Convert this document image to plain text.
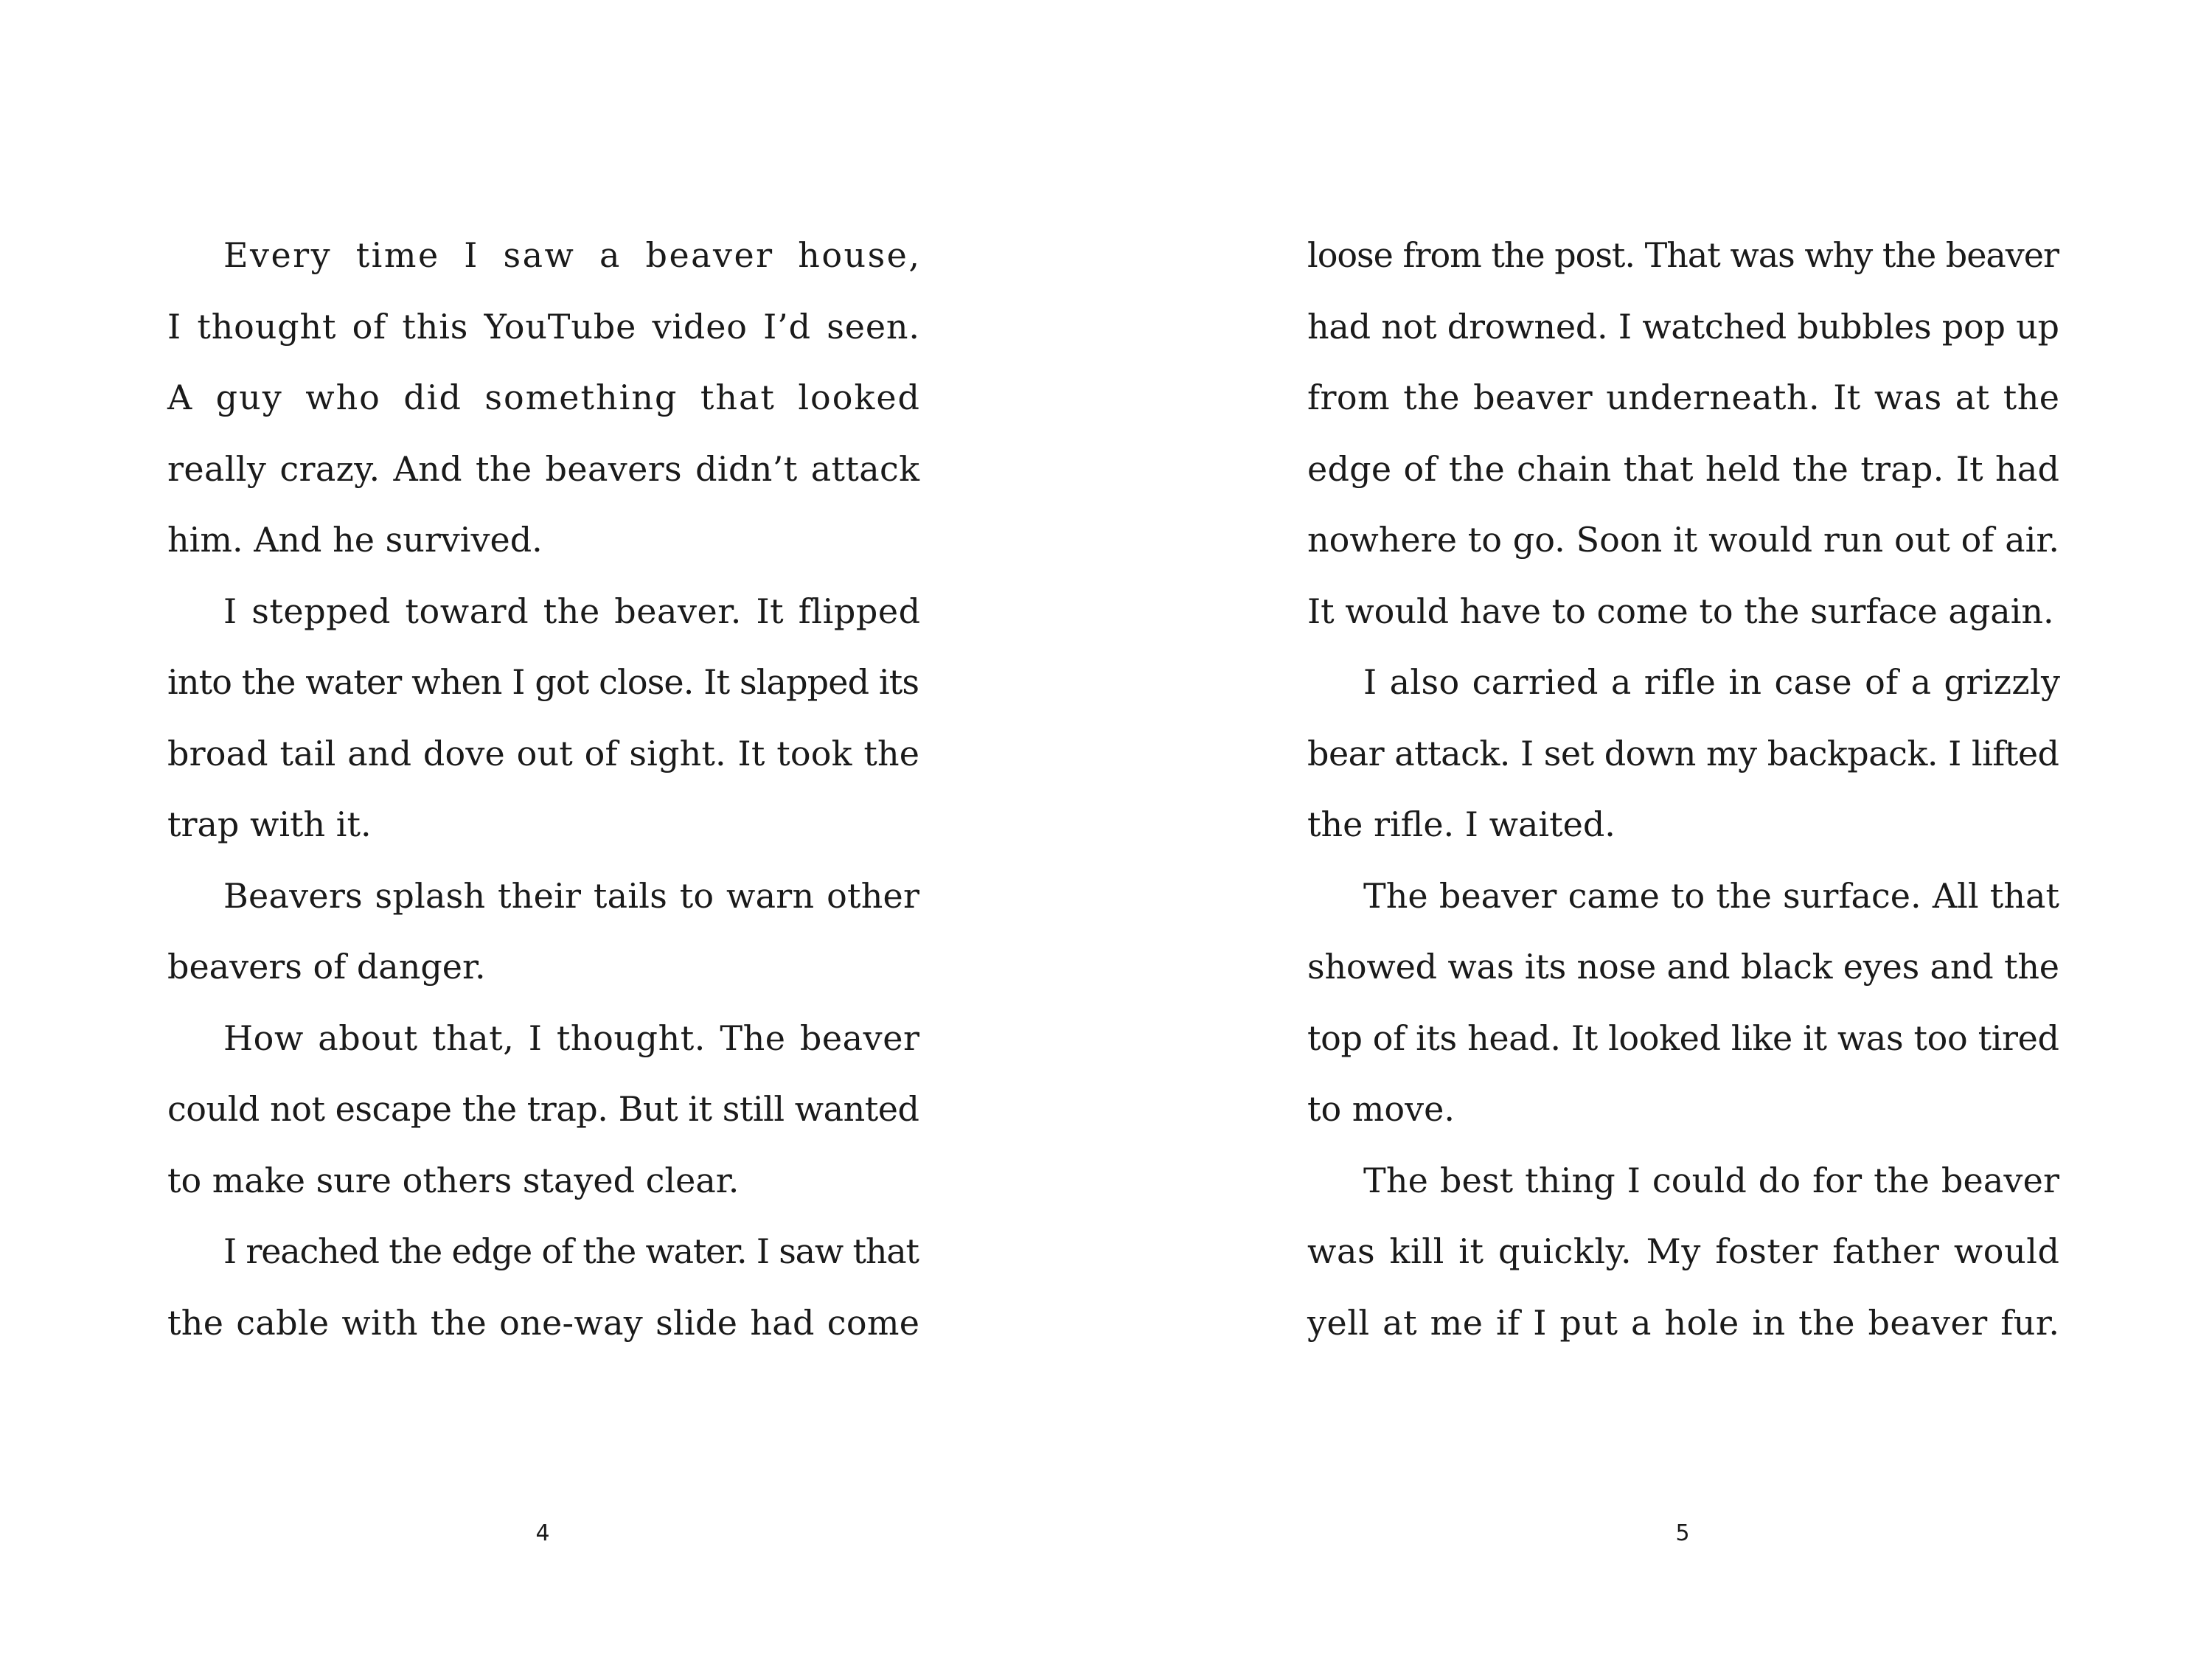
Every time I saw a beaver house,
I thought of this YouTube video I’d seen.
A guy who did something that looked
really crazy. And the beavers didn’t attack
him. And he survived.
I stepped toward the beaver. It flipped
into the water when I got close. It slapped its
broad tail and dove out of sight. It took the
trap with it.
Beavers splash their tails to warn other
beavers of danger.
How about that, I thought. The beaver
could not escape the trap. But it still wanted
to make sure others stayed clear.
I reached the edge of the water. I saw that
the cable with the one-way slide had come
4
loose from the post. That was why the beaver
had not drowned. I watched bubbles pop up
from the beaver underneath. It was at the
edge of the chain that held the trap. It had
nowhere to go. Soon it would run out of air.
It would have to come to the surface again.
I also carried a rifle in case of a grizzly
bear attack. I set down my backpack. I lifted
the rifle. I waited.
The beaver came to the surface. All that
showed was its nose and black eyes and the
top of its head. It looked like it was too tired
to move.
The best thing I could do for the beaver
was kill it quickly. My foster father would
yell at me if I put a hole in the beaver fur.
5
